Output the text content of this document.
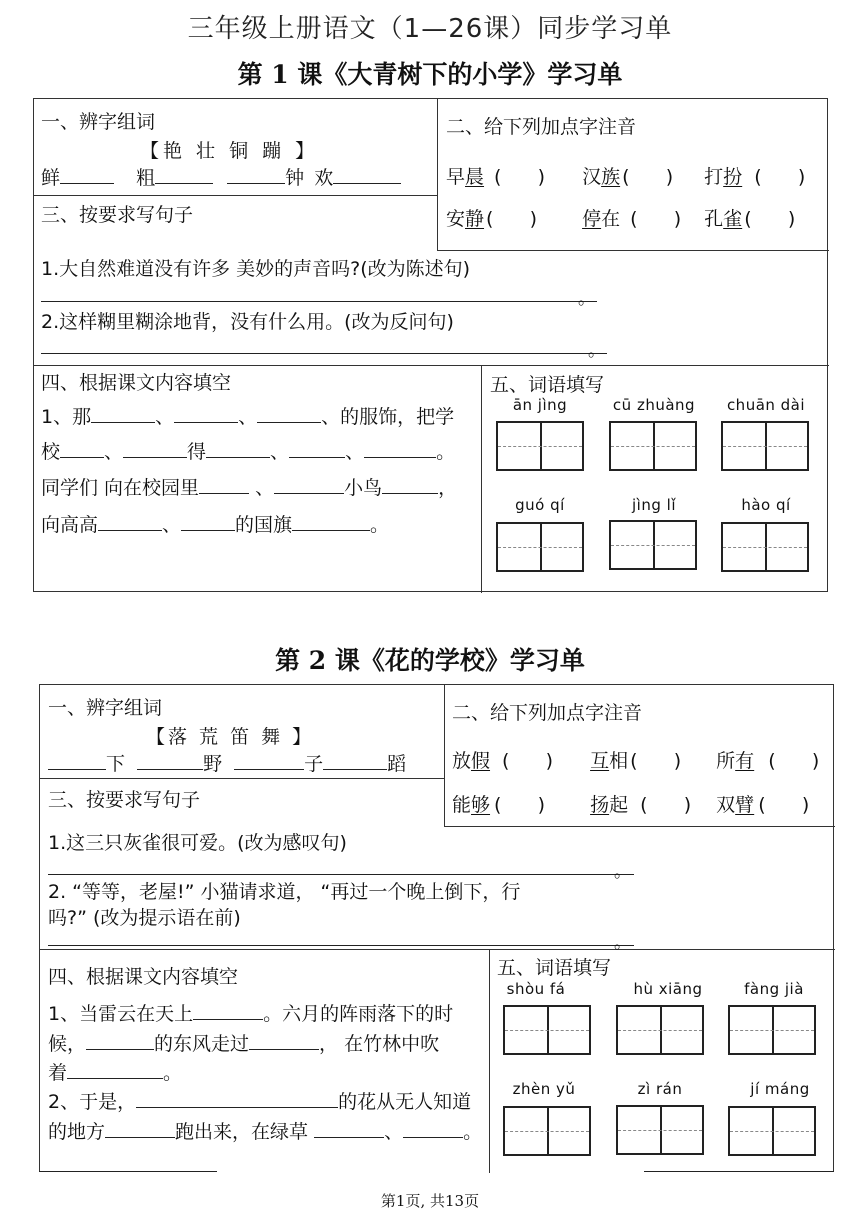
三年级上册语文（1—26课）同步学习单
第 1 课《大青树下的小学》学习单
一、辨字组词
【艳 壮 铜 蹦 】
鲜	粗	钟 欢
二、给下列加点字注音
早晨 (      ) 汉族 (      ) 打扮 (      )
安静 (      ) 停在 (      ) 孔雀 (      )
三、按要求写句子
1.大自然难道没有许多 美妙的声音吗?(改为陈述句)
。
2.这样糊里糊涂地背，没有什么用。(改为反问句)
。
四、根据课文内容填空
1、那	、	、	、的服饰，把学
校 、	得	、	、	。
同学们 向在校园里	、	小鸟	，
向高高	、	的国旗	。
五、词语填写
ān jìng	cū zhuàng	chuān dài
guó qí	jìng lǐ	hào qí
第 2 课《花的学校》学习单
一、辨字组词
【落 荒 笛 舞 】
下	野	子	蹈
二、给下列加点字注音
放假 (      ) 互相 (      ) 所有 (      )
能够 (      ) 扬起 (      ) 双臂 (      )
三、按要求写句子
1.这三只灰雀很可爱。(改为感叹句)
。
2. “等等，老屋!” 小猫请求道， “再过一个晚上倒下，行
吗?” (改为提示语在前)
。
四、根据课文内容填空
1、当雷云在天上	。六月的阵雨落下的时
候，	的东风走过	， 在竹林中吹
着	。
2、于是，	的花从无人知道
的地方	跑出来，在绿草	、	。
五、词语填写
shòu fá	hù xiāng	fàng jià
zhèn yǔ	zì rán	jí máng
第1页, 共13页
